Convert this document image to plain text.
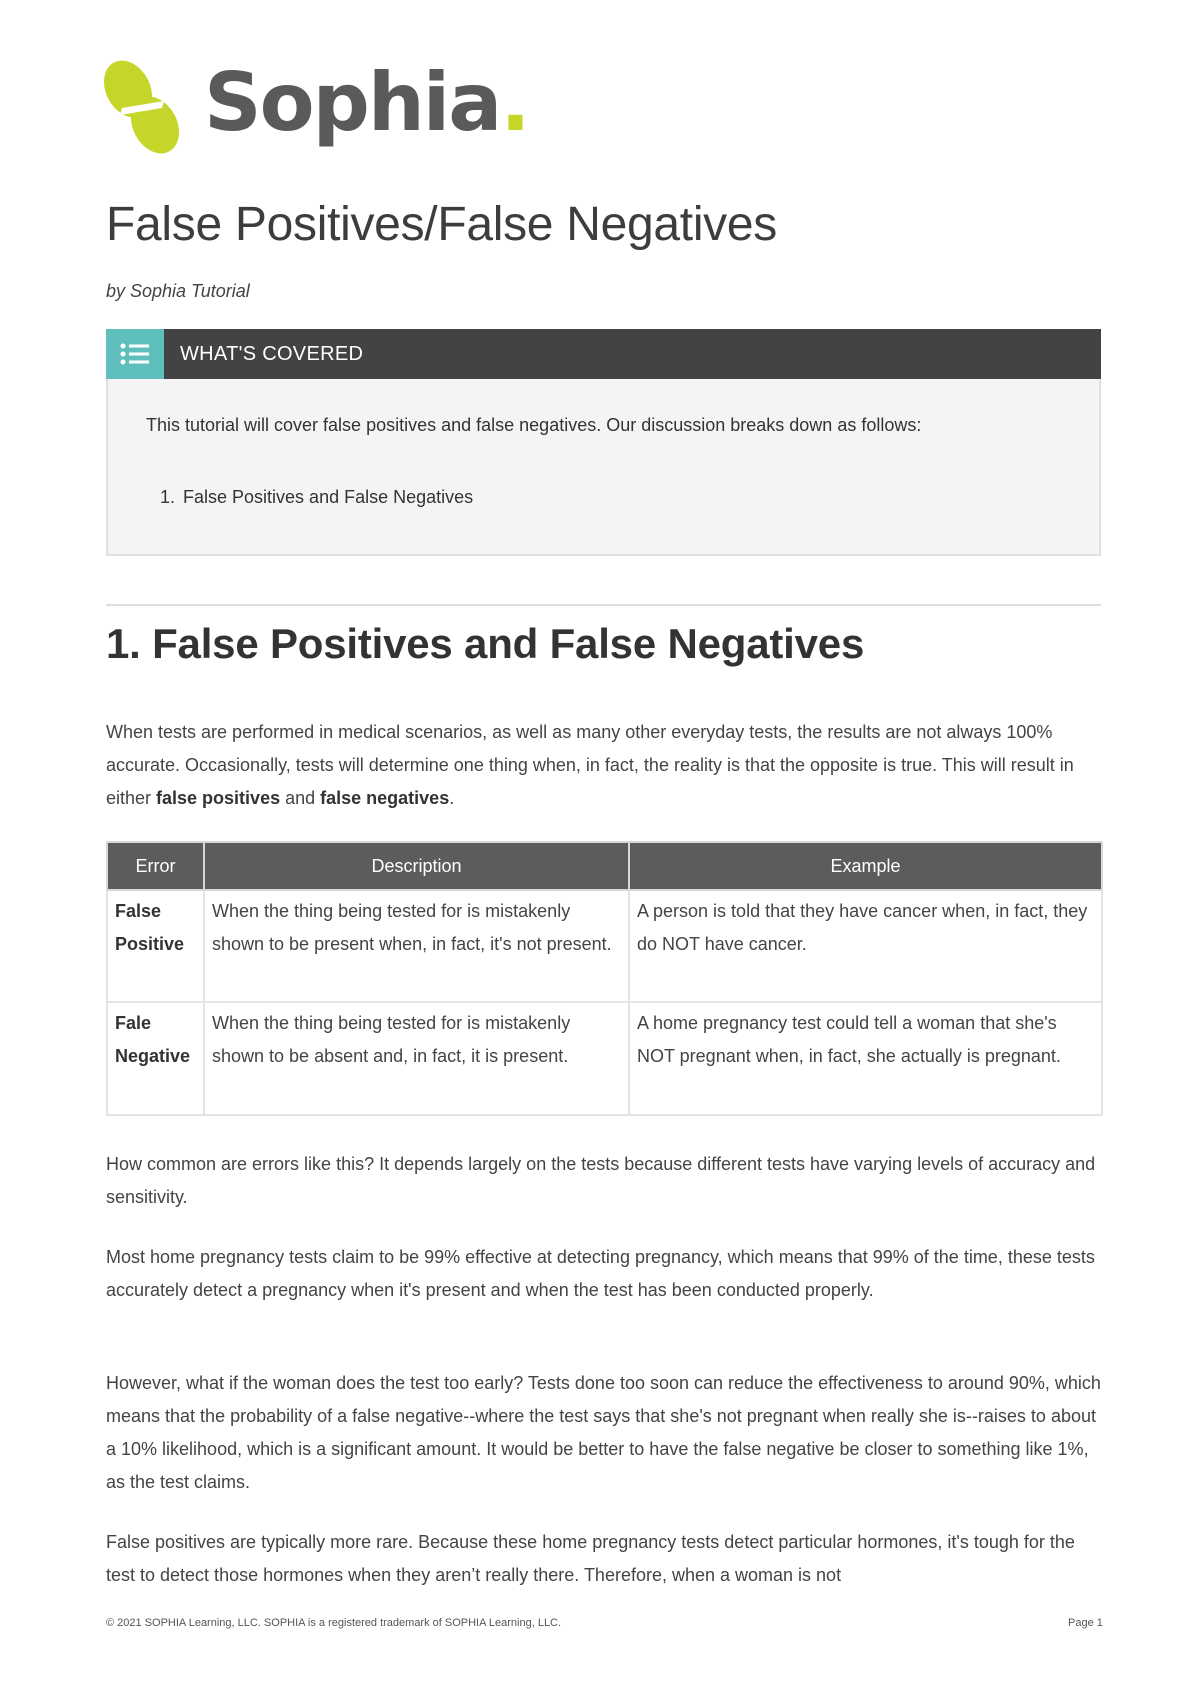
Sophia.
False Positives/False Negatives
by Sophia Tutorial
WHAT'S COVERED
This tutorial will cover false positives and false negatives. Our discussion breaks down as follows:
1. False Positives and False Negatives
1. False Positives and False Negatives

When tests are performed in medical scenarios, as well as many other everyday tests, the results are not always 100% accurate. Occasionally, tests will determine one thing when, in fact, the reality is that the opposite is true. This will result in either false positives and false negatives.

Error	Description	Example
False Positive	When the thing being tested for is mistakenly shown to be present when, in fact, it's not present.	A person is told that they have cancer when, in fact, they do NOT have cancer.
Fale Negative	When the thing being tested for is mistakenly shown to be absent and, in fact, it is present.	A home pregnancy test could tell a woman that she's NOT pregnant when, in fact, she actually is pregnant.

How common are errors like this? It depends largely on the tests because different tests have varying levels of accuracy and sensitivity.

Most home pregnancy tests claim to be 99% effective at detecting pregnancy, which means that 99% of the time, these tests accurately detect a pregnancy when it's present and when the test has been conducted properly.

However, what if the woman does the test too early? Tests done too soon can reduce the effectiveness to around 90%, which means that the probability of a false negative--where the test says that she's not pregnant when really she is--raises to about a 10% likelihood, which is a significant amount. It would be better to have the false negative be closer to something like 1%, as the test claims.

False positives are typically more rare. Because these home pregnancy tests detect particular hormones, it's tough for the test to detect those hormones when they aren’t really there. Therefore, when a woman is not

© 2021 SOPHIA Learning, LLC. SOPHIA is a registered trademark of SOPHIA Learning, LLC.	Page 1
